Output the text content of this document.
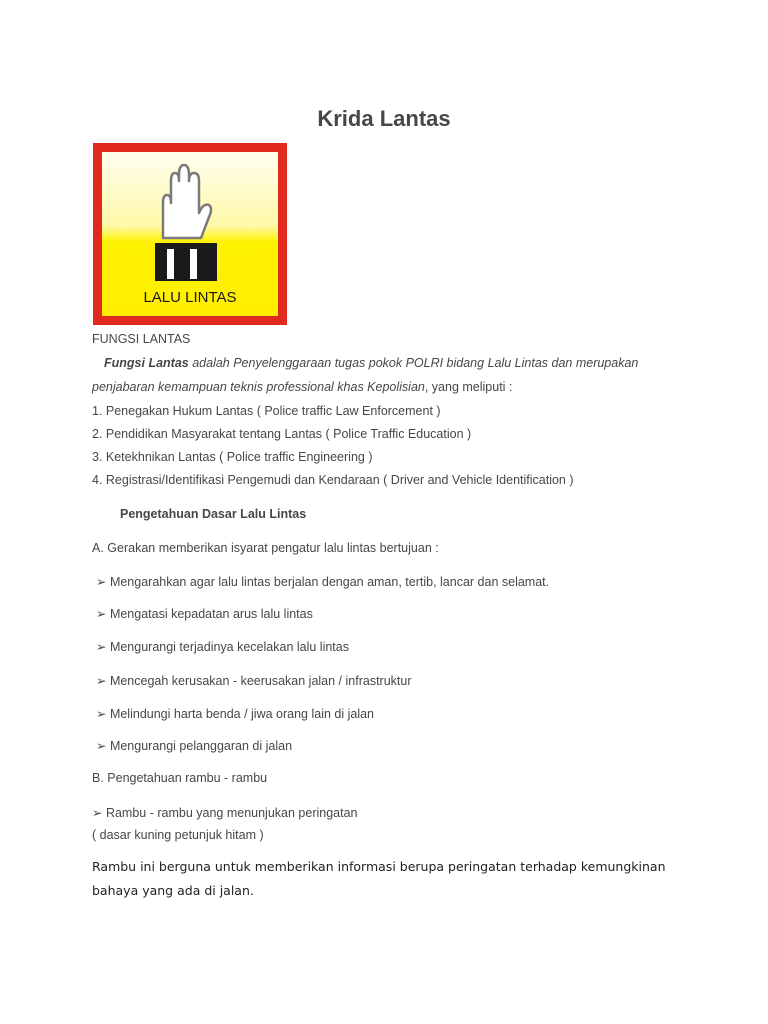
Krida Lantas
LALU LINTAS
FUNGSI LANTAS
Fungsi Lantas adalah Penyelenggaraan tugas pokok POLRI bidang Lalu Lintas dan merupakan
penjabaran kemampuan teknis professional khas Kepolisian, yang meliputi :
1. Penegakan Hukum Lantas ( Police traffic Law Enforcement )
2. Pendidikan Masyarakat tentang Lantas ( Police Traffic Education )
3. Ketekhnikan Lantas ( Police traffic Engineering )
4. Registrasi/Identifikasi Pengemudi dan Kendaraan ( Driver and Vehicle Identification )
Pengetahuan Dasar Lalu Lintas
A. Gerakan memberikan isyarat pengatur lalu lintas bertujuan :
➢ Mengarahkan agar lalu lintas berjalan dengan aman, tertib, lancar dan selamat.
➢ Mengatasi kepadatan arus lalu lintas
➢ Mengurangi terjadinya kecelakan lalu lintas
➢ Mencegah kerusakan - keerusakan jalan / infrastruktur
➢ Melindungi harta benda / jiwa orang lain di jalan
➢ Mengurangi pelanggaran di jalan
B. Pengetahuan rambu - rambu
➢ Rambu - rambu yang menunjukan peringatan
( dasar kuning petunjuk hitam )
Rambu ini berguna untuk memberikan informasi berupa peringatan terhadap kemungkinan
bahaya yang ada di jalan.
